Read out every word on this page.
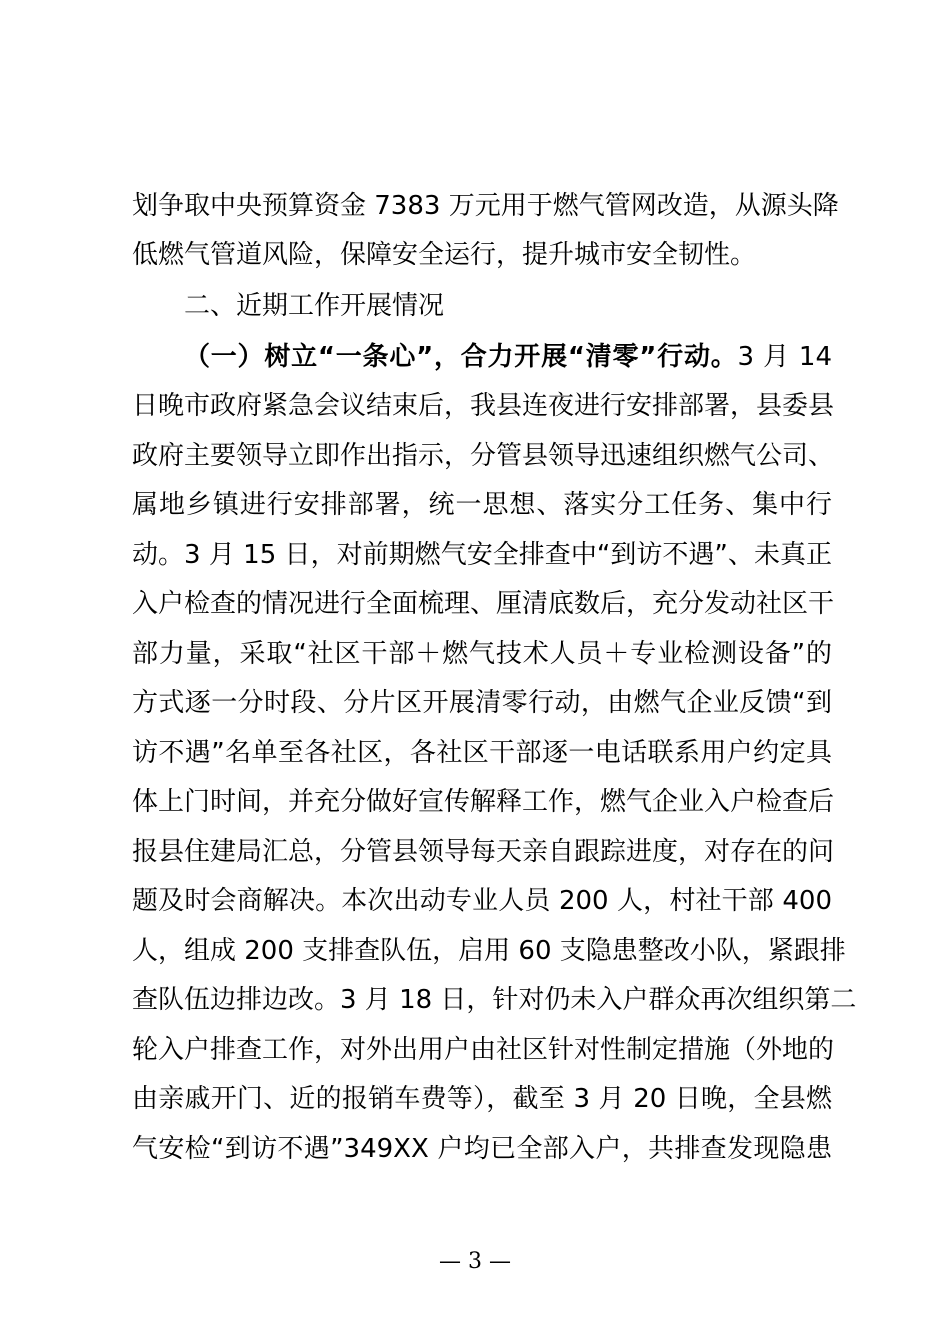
划争取中央预算资金 7383 万元用于燃气管网改造，从源头降
低燃气管道风险，保障安全运行，提升城市安全韧性。
二、近期工作开展情况
（一）树立“一条心”，合力开展“清零”行动。3 月 14
日晚市政府紧急会议结束后，我县连夜进行安排部署，县委县
政府主要领导立即作出指示，分管县领导迅速组织燃气公司、
属地乡镇进行安排部署，统一思想、落实分工任务、集中行
动。3 月 15 日，对前期燃气安全排查中“到访不遇”、未真正
入户检查的情况进行全面梳理、厘清底数后，充分发动社区干
部力量，采取“社区干部＋燃气技术人员＋专业检测设备”的
方式逐一分时段、分片区开展清零行动，由燃气企业反馈“到
访不遇”名单至各社区，各社区干部逐一电话联系用户约定具
体上门时间，并充分做好宣传解释工作，燃气企业入户检查后
报县住建局汇总，分管县领导每天亲自跟踪进度，对存在的问
题及时会商解决。本次出动专业人员 200 人，村社干部 400
人，组成 200 支排查队伍，启用 60 支隐患整改小队，紧跟排
查队伍边排边改。3 月 18 日，针对仍未入户群众再次组织第二
轮入户排查工作，对外出用户由社区针对性制定措施（外地的
由亲戚开门、近的报销车费等），截至 3 月 20 日晚，全县燃
气安检“到访不遇”349XX 户均已全部入户，共排查发现隐患
— 3 —
